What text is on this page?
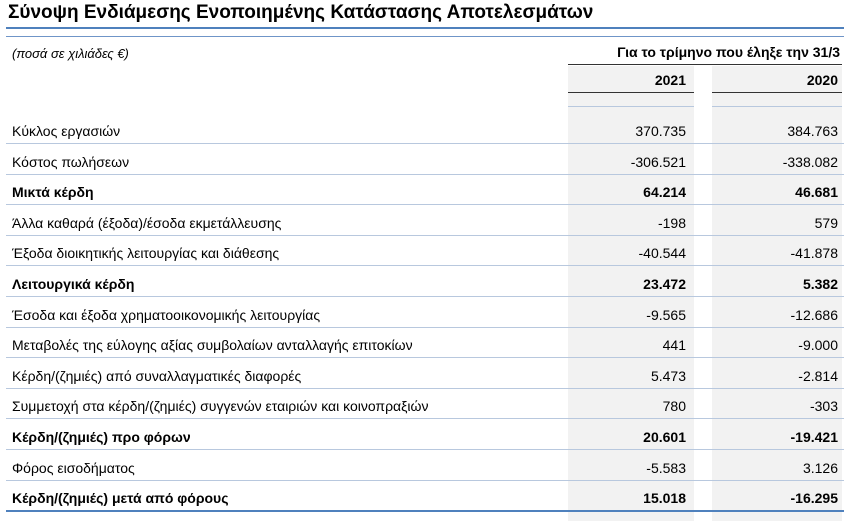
Σύνοψη Ενδιάμεσης Ενοποιημένης Κατάστασης Αποτελεσμάτων
(ποσά σε χιλιάδες €)	Για το τρίμηνο που έληξε την 31/3
2021	2020
Κύκλος εργασιών	370.735	384.763
Κόστος πωλήσεων	-306.521	-338.082
Μικτά κέρδη	64.214	46.681
Άλλα καθαρά (έξοδα)/έσοδα εκμετάλλευσης	-198	579
Έξοδα διοικητικής λειτουργίας και διάθεσης	-40.544	-41.878
Λειτουργικά κέρδη	23.472	5.382
Έσοδα και έξοδα χρηματοοικονομικής λειτουργίας	-9.565	-12.686
Μεταβολές της εύλογης αξίας συμβολαίων ανταλλαγής επιτοκίων	441	-9.000
Κέρδη/(ζημιές) από συναλλαγματικές διαφορές	5.473	-2.814
Συμμετοχή στα κέρδη/(ζημιές) συγγενών εταιριών και κοινοπραξιών	780	-303
Κέρδη/(ζημιές) προ φόρων	20.601	-19.421
Φόρος εισοδήματος	-5.583	3.126
Κέρδη/(ζημιές) μετά από φόρους	15.018	-16.295
